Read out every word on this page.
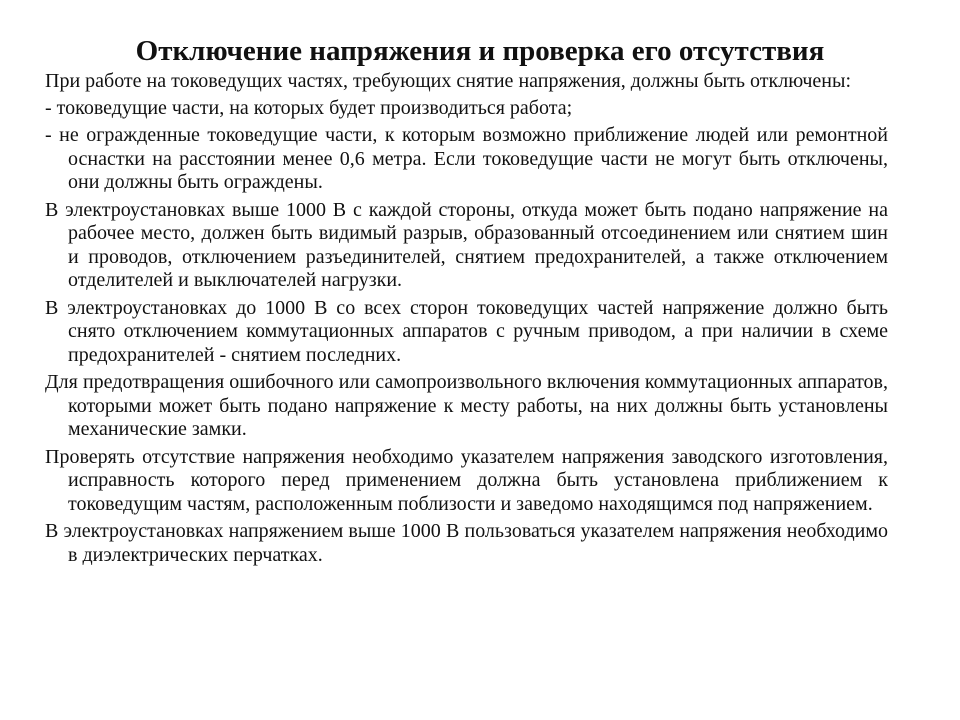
Отключение напряжения и проверка его отсутствия

При работе на токоведущих частях, требующих снятие напряжения, должны быть отключены:

- токоведущие части, на которых будет производиться работа;

- не огражденные токоведущие части, к которым возможно приближение людей или ремонтной оснастки на расстоянии менее 0,6 метра. Если токоведущие части не могут быть отключены, они должны быть ограждены.

В электроустановках выше 1000 В с каждой стороны, откуда может быть подано напряжение на рабочее место, должен быть видимый разрыв, образованный отсоединением или снятием шин и проводов, отключением разъединителей, снятием предохранителей, а также отключением отделителей и выключателей нагрузки.

В электроустановках до 1000 В со всех сторон токоведущих частей напряжение должно быть снято отключением коммутационных аппаратов с ручным приводом, а при наличии в схеме предохранителей - снятием последних.

Для предотвращения ошибочного или самопроизвольного включения коммутационных аппаратов, которыми может быть подано напряжение к месту работы, на них должны быть установлены механические замки.

Проверять отсутствие напряжения необходимо указателем напряжения заводского изготовления, исправность которого перед применением должна быть установлена приближением к токоведущим частям, расположенным поблизости и заведомо находящимся под напряжением.

В электроустановках напряжением выше 1000 В пользоваться указателем напряжения необходимо в диэлектрических перчатках.
